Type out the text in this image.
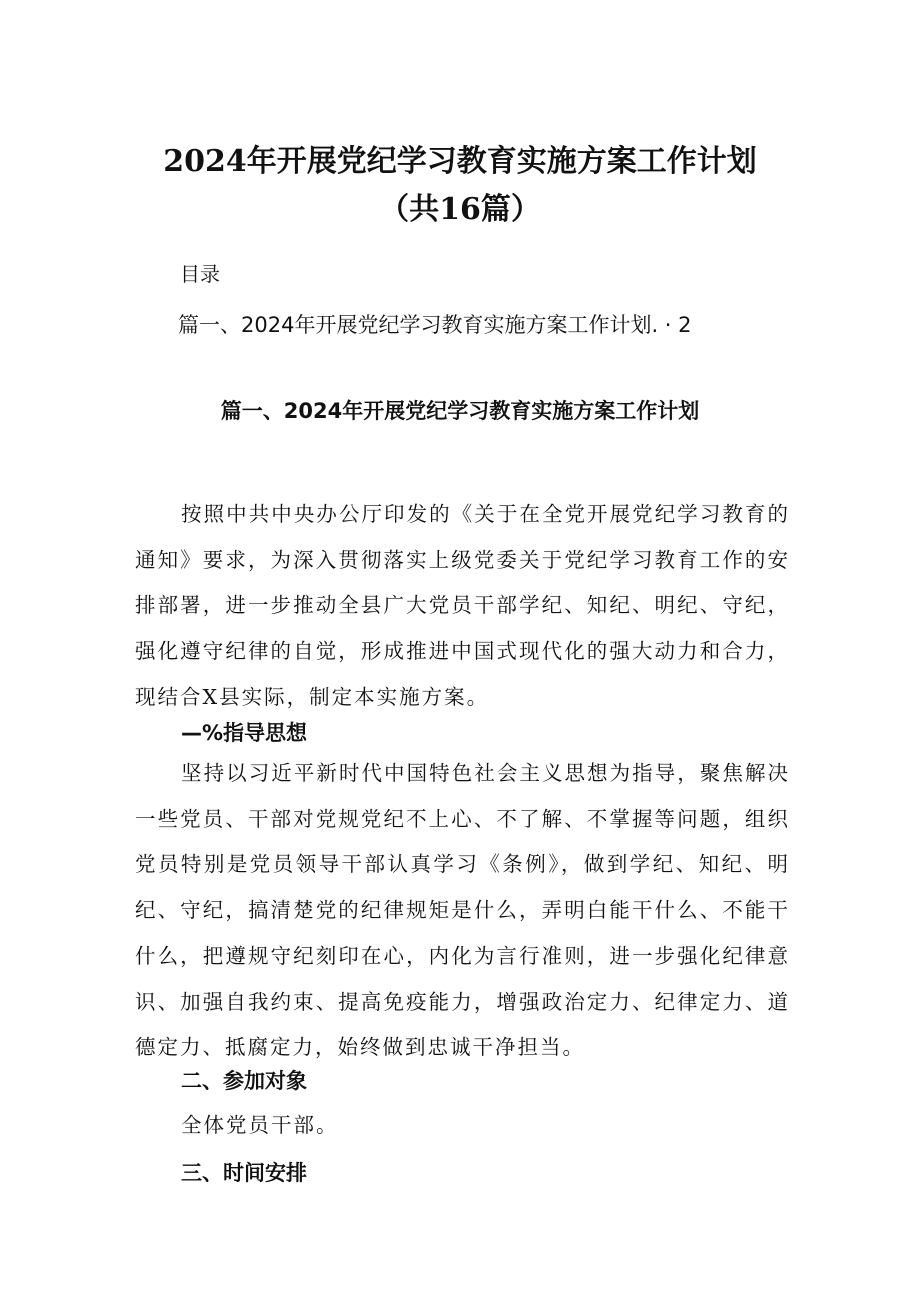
2024年开展党纪学习教育实施方案工作计划（共16篇）

目录

篇一、2024年开展党纪学习教育实施方案工作计划. · 2
篇一、2024年开展党纪学习教育实施方案工作计划

按照中共中央办公厅印发的《关于在全党开展党纪学习教育的通知》要求，为深入贯彻落实上级党委关于党纪学习教育工作的安排部署，进一步推动全县广大党员干部学纪、知纪、明纪、守纪，强化遵守纪律的自觉，形成推进中国式现代化的强大动力和合力，现结合X县实际，制定本实施方案。

—%指导思想

坚持以习近平新时代中国特色社会主义思想为指导，聚焦解决一些党员、干部对党规党纪不上心、不了解、不掌握等问题，组织党员特别是党员领导干部认真学习《条例》，做到学纪、知纪、明纪、守纪，搞清楚党的纪律规矩是什么，弄明白能干什么、不能干什么，把遵规守纪刻印在心，内化为言行准则，进一步强化纪律意识、加强自我约束、提高免疫能力，增强政治定力、纪律定力、道德定力、抵腐定力，始终做到忠诚干净担当。

二、参加对象

全体党员干部。

三、时间安排
